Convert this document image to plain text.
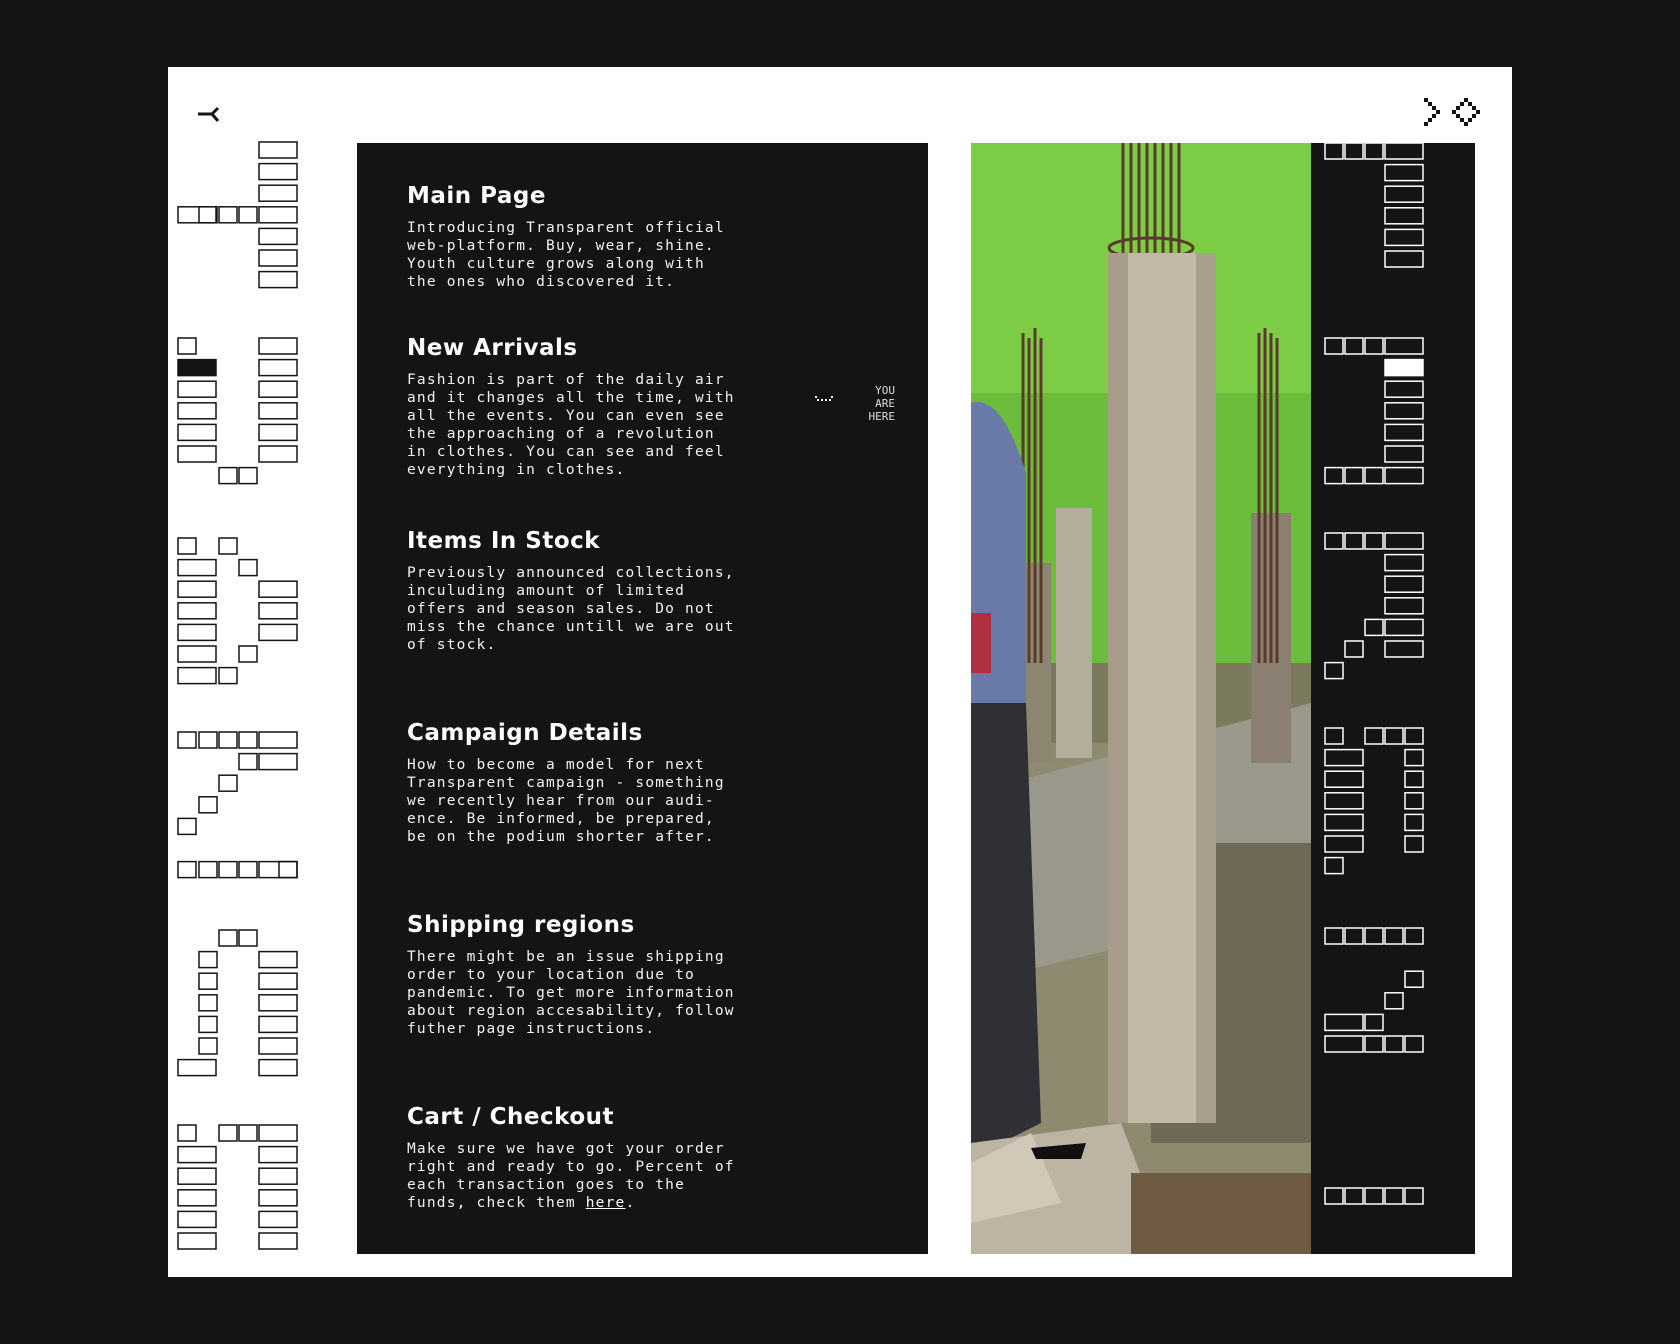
Main Page

Introducing Transparent official
web-platform. Buy, wear, shine.
Youth culture grows along with
the ones who discovered it.

New Arrivals

Fashion is part of the daily air
and it changes all the time, with
all the events. You can even see
the approaching of a revolution
in clothes. You can see and feel
everything in clothes.

Items In Stock

Previously announced collections,
inculuding amount of limited
offers and season sales. Do not
miss the chance untill we are out
of stock.

Campaign Details

How to become a model for next
Transparent campaign - something
we recently hear from our audi-
ence. Be informed, be prepared,
be on the podium shorter after.

Shipping regions

There might be an issue shipping
order to your location due to
pandemic. To get more information
about region accesability, follow
futher page instructions.

Cart / Checkout

Make sure we have got your order
right and ready to go. Percent of
each transaction goes to the
funds, check them here.

YOU
ARE
HERE
